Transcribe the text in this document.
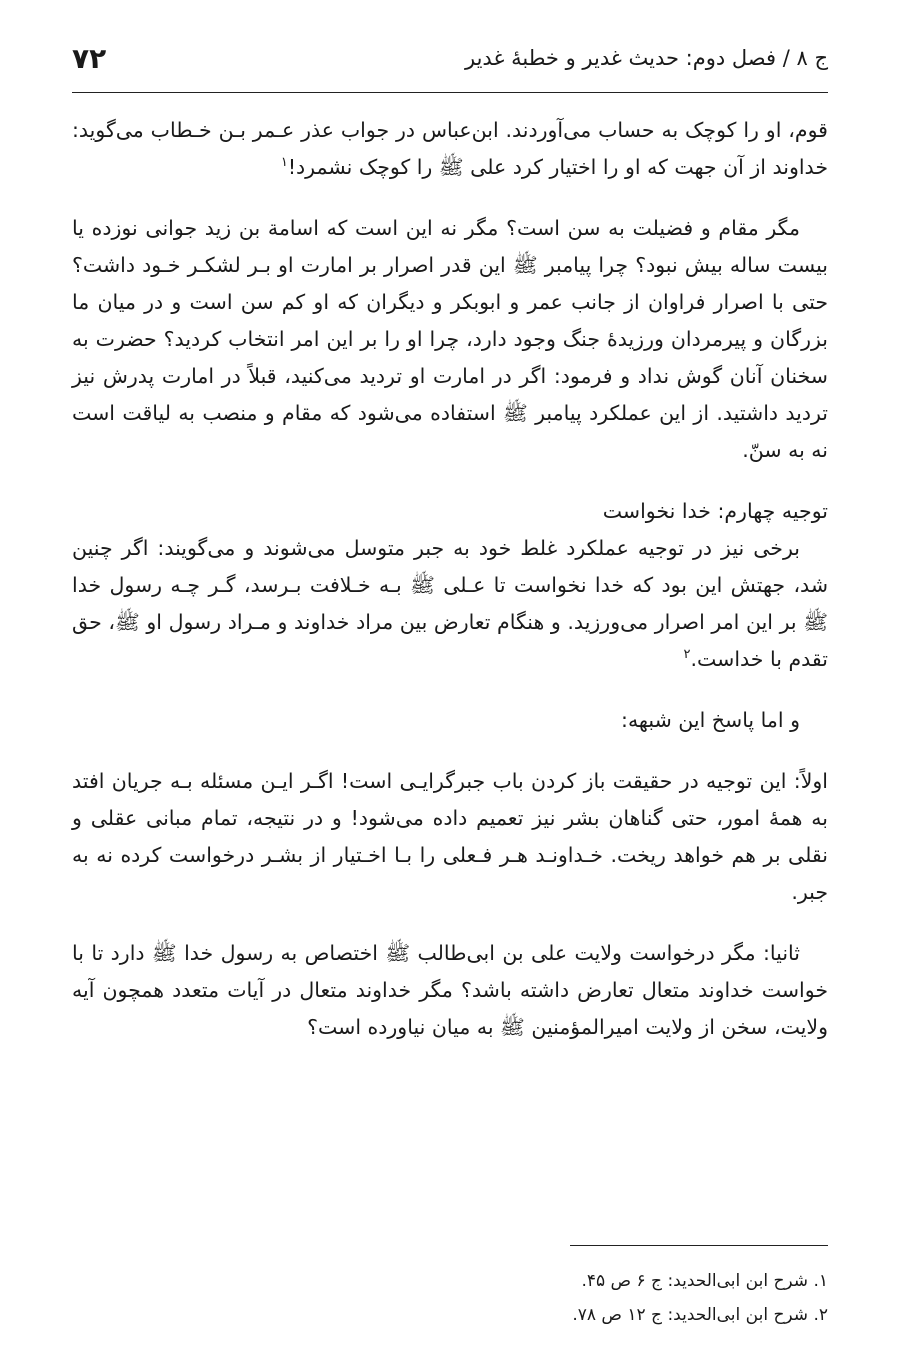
ج ۸ / فصل دوم: حدیث غدیر و خطبهٔ غدیر
۷۲

قوم، او را کوچک به حساب می‌آوردند. ابن‌عباس در جواب عذر عـمر بـن خـطاب می‌گوید: خداوند از آن جهت که او را اختیار کرد علی ﷺ را کوچک نشمرد!$^۱$

مگر مقام و فضیلت به سن است؟ مگر نه این است که اسامة بن زید جوانی نوزده یا بیست ساله بیش نبود؟ چرا پیامبر ﷺ این قدر اصرار بر امارت او بـر لشکـر خـود داشت؟ حتی با اصرار فراوان از جانب عمر و ابوبکر و دیگران که او کم سن است و در میان ما بزرگان و پیرمردان ورزیدهٔ جنگ وجود دارد، چرا او را بر این امر انتخاب کردید؟ حضرت به سخنان آنان گوش نداد و فرمود: اگر در امارت او تردید می‌کنید، قبلاً در امارت پدرش نیز تردید داشتید. از این عملکرد پیامبر ﷺ استفاده می‌شود که مقام و منصب به لیاقت است نه به سنّ.

توجیه چهارم: خدا نخواست

برخی نیز در توجیه عملکرد غلط خود به جبر متوسل می‌شوند و می‌گویند: اگر چنین شد، جهتش این بود که خدا نخواست تا عـلی ﷺ بـه خـلافت بـرسد، گـر چـه رسول خدا ﷺ بر این امر اصرار می‌ورزید. و هنگام تعارض بین مراد خداوند و مـراد رسول او ﷺ، حق تقدم با خداست.$^۲$

و اما پاسخ این شبهه:

اولاً: این توجیه در حقیقت باز کردن باب جبرگرایـی است! اگـر ایـن مسئله بـه جریان افتد به همهٔ امور، حتی گناهان بشر نیز تعمیم داده می‌شود! و در نتیجه، تمام مبانی عقلی و نقلی بر هم خواهد ریخت. خـداونـد هـر فـعلی را بـا اخـتیار از بشـر درخواست کرده نه به جبر.

ثانیا: مگر درخواست ولایت علی بن ابی‌طالب ﷺ اختصاص به رسول خدا ﷺ دارد تا با خواست خداوند متعال تعارض داشته باشد؟ مگر خداوند متعال در آیات متعدد همچون آیه ولایت، سخن از ولایت امیرالمؤمنین ﷺ به میان نیاورده است؟

۱. شرح ابن ابی‌الحدید: ج ۶ ص ۴۵.

۲. شرح ابن ابی‌الحدید: ج ۱۲ ص ۷۸.
